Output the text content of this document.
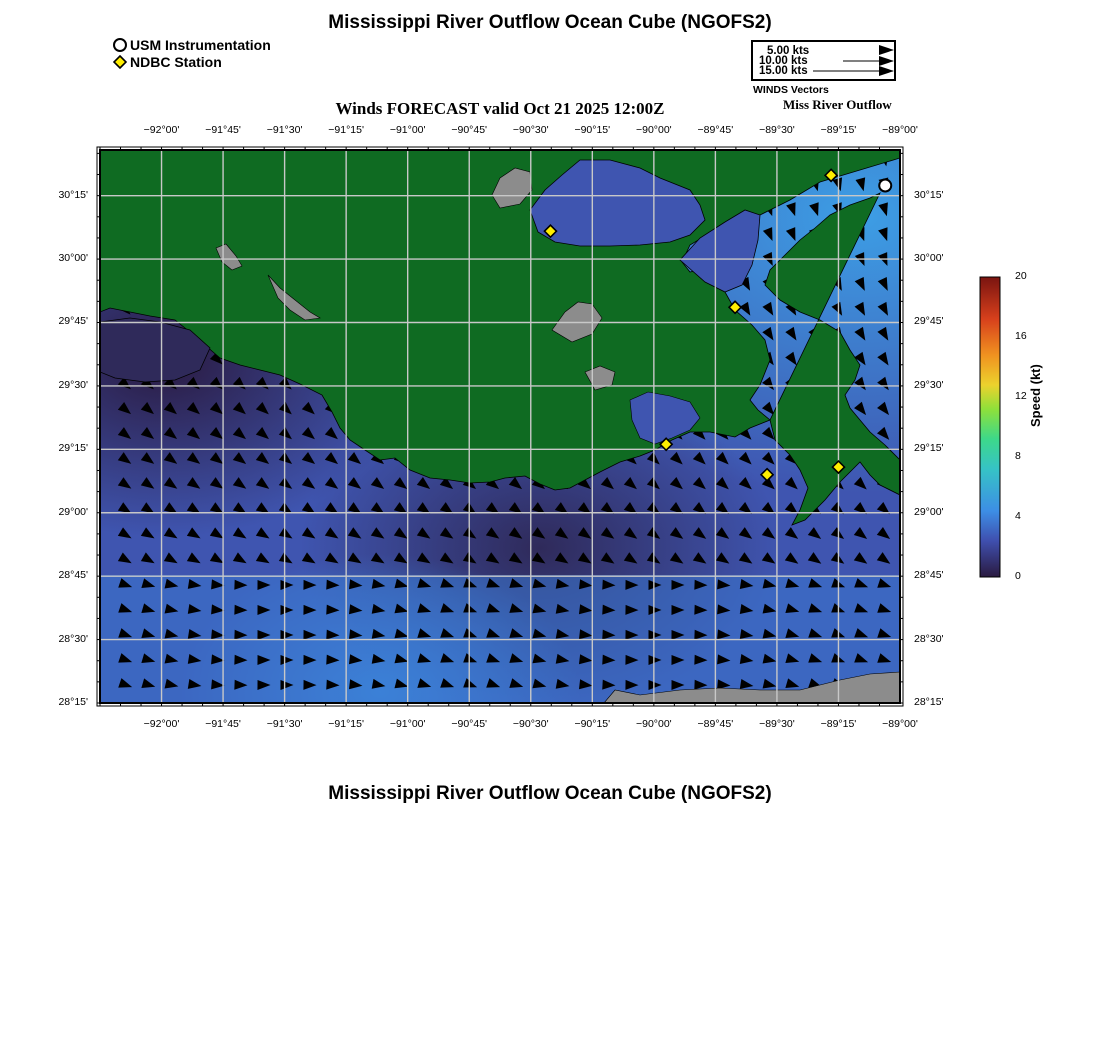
Mississippi River Outflow Ocean Cube (NGOFS2)
USM Instrumentation
NDBC Station
5.00 kts
10.00 kts
15.00 kts
WINDS Vectors
Winds FORECAST valid Oct 21 2025 12:00Z	Miss River Outflow
−92°00'	−91°45'	−91°30'	−91°15'	−91°00'	−90°45'	−90°30'	−90°15'	−90°00'	−89°45'	−89°30'	−89°15'	−89°00'
−92°00'	−91°45'	−91°30'	−91°15'	−91°00'	−90°45'	−90°30'	−90°15'	−90°00'	−89°45'	−89°30'	−89°15'	−89°00'
28°15'
28°30'
28°45'
29°00'
29°15'
29°30'
29°45'
30°00'
30°15'
28°15'
28°30'
28°45'
29°00'
29°15'
29°30'
29°45'
30°00'
30°15'
0
4
8
12
16
20
Speed (kt)
Mississippi River Outflow Ocean Cube (NGOFS2)
